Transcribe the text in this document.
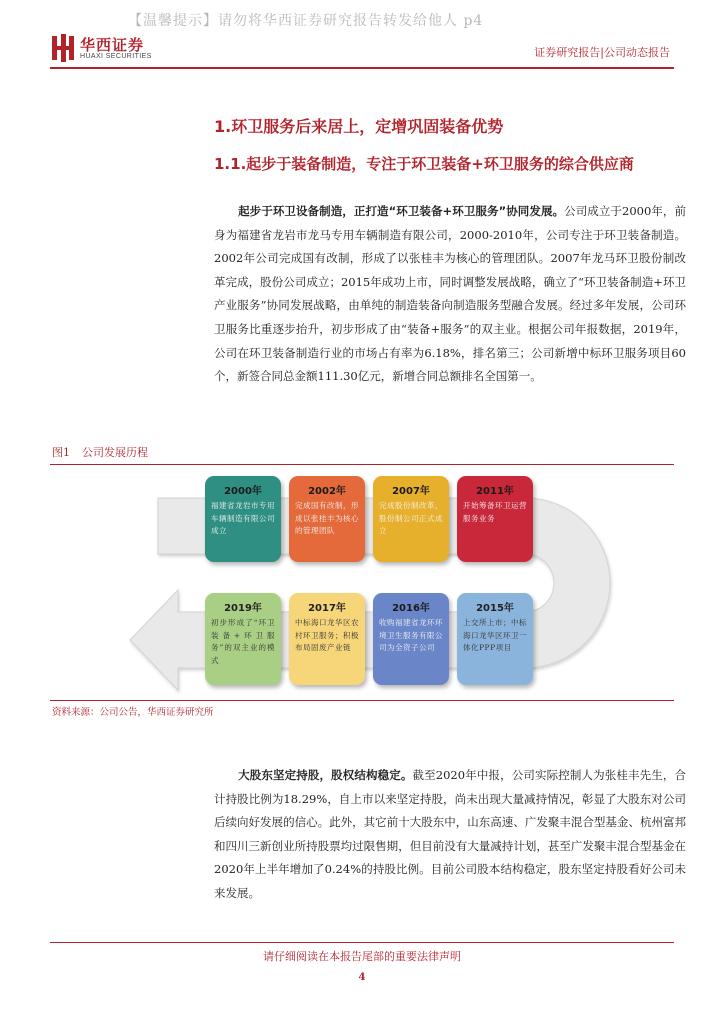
【温馨提示】请勿将华西证券研究报告转发给他人 p4
华西证券
HUAXI SECURITIES	证券研究报告|公司动态报告
1.环卫服务后来居上，定增巩固装备优势
1.1.起步于装备制造，专注于环卫装备+环卫服务的综合供应商
起步于环卫设备制造，正打造“环卫装备+环卫服务”协同发展。公司成立于2000年，前身为福建省龙岩市龙马专用车辆制造有限公司，2000-2010年，公司专注于环卫装备制造。2002年公司完成国有改制，形成了以张桂丰为核心的管理团队。2007年龙马环卫股份制改革完成，股份公司成立；2015年成功上市，同时调整发展战略，确立了“环卫装备制造+环卫产业服务”协同发展战略，由单纯的制造装备向制造服务型融合发展。经过多年发展，公司环卫服务比重逐步抬升，初步形成了由“装备+服务”的双主业。根据公司年报数据，2019年，公司在环卫装备制造行业的市场占有率为6.18%，排名第三；公司新增中标环卫服务项目60个，新签合同总金额111.30亿元，新增合同总额排名全国第一。
图1 公司发展历程
2000年
福建省龙岩市专用车辆制造有限公司成立
2002年
完成国有改制，形成以张桂丰为核心的管理团队
2007年
完成股份制改革，股份制公司正式成立
2011年
开始筹备环卫运营服务业务
2015年
上交所上市；中标海口龙华区环卫一体化PPP项目
2016年
收购福建省龙环环境卫生服务有限公司为全资子公司
2017年
中标海口龙华区农村环卫服务；积极布局固废产业链
2019年
初步形成了“环卫装备+环卫服务”的双主业的模式
资料来源：公司公告，华西证券研究所
大股东坚定持股，股权结构稳定。截至2020年中报，公司实际控制人为张桂丰先生，合计持股比例为18.29%，自上市以来坚定持股，尚未出现大量减持情况，彰显了大股东对公司后续向好发展的信心。此外，其它前十大股东中，山东高速、广发聚丰混合型基金、杭州富邦和四川三新创业所持股票均过限售期，但目前没有大量减持计划，甚至广发聚丰混合型基金在2020年上半年增加了0.24%的持股比例。目前公司股本结构稳定，股东坚定持股看好公司未来发展。
请仔细阅读在本报告尾部的重要法律声明
4
